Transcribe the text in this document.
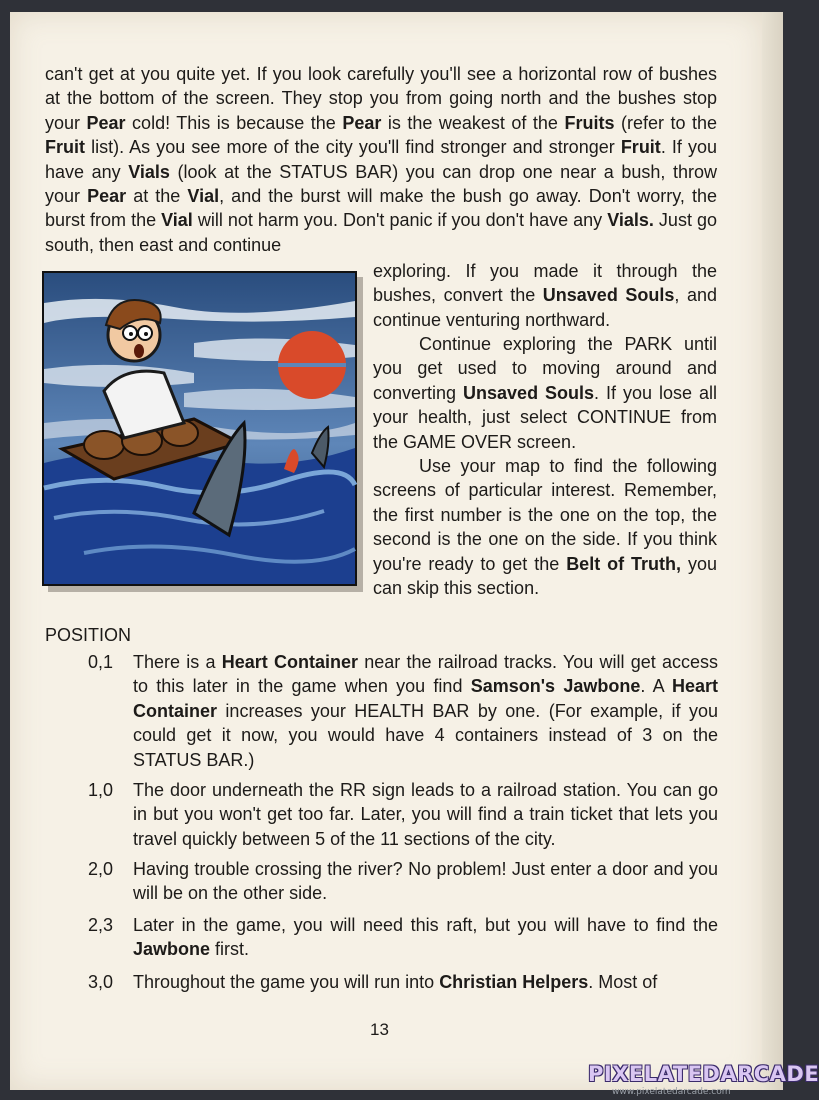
can't get at you quite yet. If you look carefully you'll see a horizontal row of bushes at the bottom of the screen. They stop you from going north and the bushes stop your Pear cold! This is because the Pear is the weakest of the Fruits (refer to the Fruit list). As you see more of the city you'll find stronger and stronger Fruit. If you have any Vials (look at the STATUS BAR) you can drop one near a bush, throw your Pear at the Vial, and the burst will make the bush go away. Don't worry, the burst from the Vial will not harm you. Don't panic if you don't have any Vials. Just go south, then east and continue

exploring. If you made it through the bushes, convert the Unsaved Souls, and continue venturing northward.

Continue exploring the PARK until you get used to moving around and converting Unsaved Souls. If you lose all your health, just select CONTINUE from the GAME OVER screen.

Use your map to find the following screens of particular interest. Remember, the first number is the one on the top, the second is the one on the side. If you think you're ready to get the Belt of Truth, you can skip this section.

POSITION
0,1	There is a Heart Container near the railroad tracks. You will get access to this later in the game when you find Samson's Jawbone. A Heart Container increases your HEALTH BAR by one. (For example, if you could get it now, you would have 4 containers instead of 3 on the STATUS BAR.)
1,0	The door underneath the RR sign leads to a railroad station. You can go in but you won't get too far. Later, you will find a train ticket that lets you travel quickly between 5 of the 11 sections of the city.
2,0	Having trouble crossing the river? No problem! Just enter a door and you will be on the other side.
2,3	Later in the game, you will need this raft, but you will have to find the Jawbone first.
3,0	Throughout the game you will run into Christian Helpers. Most of
13
PIXELATEDARCADE
www.pixelatedarcade.com
